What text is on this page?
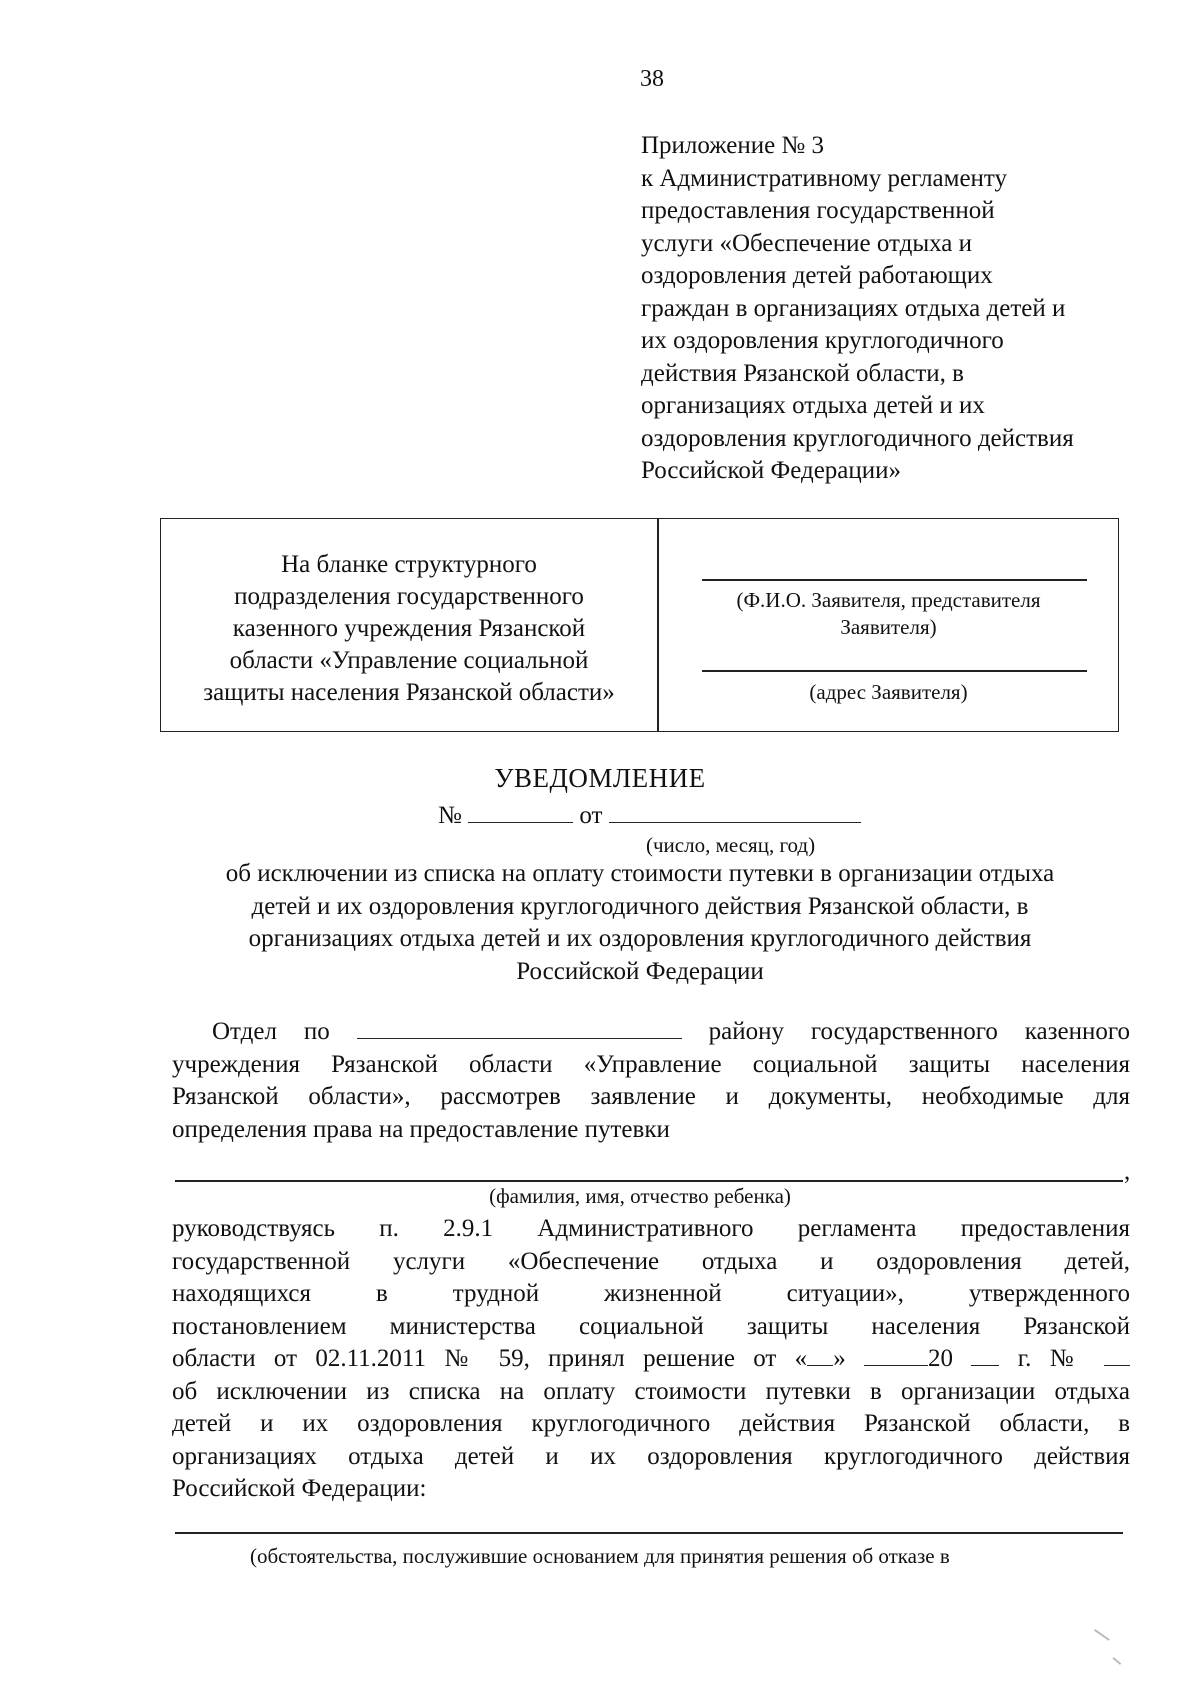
38
Приложение № 3
к Административному регламенту
предоставления государственной
услуги «Обеспечение отдыха и
оздоровления детей работающих
граждан в организациях отдыха детей и
их оздоровления круглогодичного
действия Рязанской области, в
организациях отдыха детей и их
оздоровления круглогодичного действия
Российской Федерации»
На бланке структурного
подразделения государственного
казенного учреждения Рязанской
области «Управление социальной
защиты населения Рязанской области»
(Ф.И.О. Заявителя, представителя
Заявителя)
(адрес Заявителя)
УВЕДОМЛЕНИЕ
№	от
(число, месяц, год)
об исключении из списка на оплату стоимости путевки в организации отдыха
детей и их оздоровления круглогодичного действия Рязанской области, в
организациях отдыха детей и их оздоровления круглогодичного действия
Российской Федерации
Отдел по	району государственного казенного
учреждения Рязанской области «Управление социальной защиты населения
Рязанской области», рассмотрев заявление и документы, необходимые для
определения права на предоставление путевки
,
(фамилия, имя, отчество ребенка)
руководствуясь п. 2.9.1 Административного регламента предоставления
государственной услуги «Обеспечение отдыха и оздоровления детей,
находящихся в трудной жизненной ситуации», утвержденного
постановлением министерства социальной защиты населения Рязанской
области от 02.11.2011 № 59, принял решение от « »	20	г. №
об исключении из списка на оплату стоимости путевки в организации отдыха
детей и их оздоровления круглогодичного действия Рязанской области, в
организациях отдыха детей и их оздоровления круглогодичного действия
Российской Федерации:
(обстоятельства, послужившие основанием для принятия решения об отказе в
